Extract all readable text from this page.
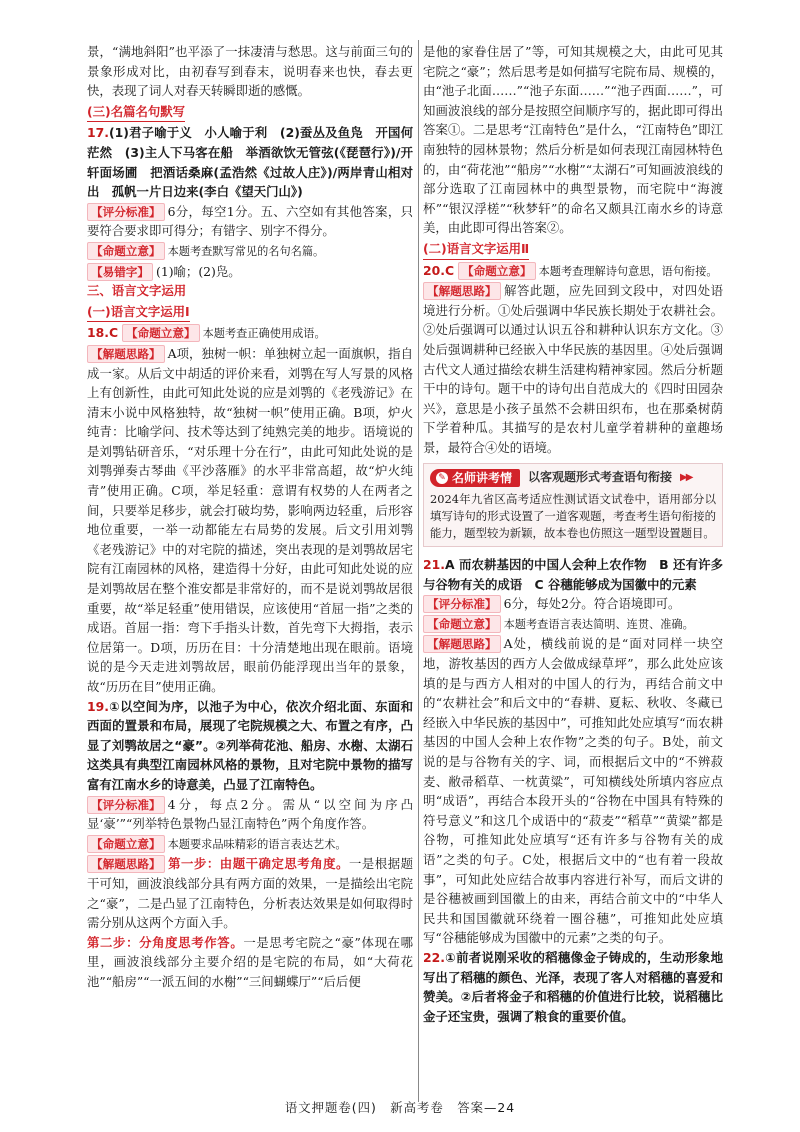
景，“满地斜阳”也平添了一抹凄清与愁思。这与前面三句的景象形成对比，由初春写到春末，说明春来也快，春去更快，表现了词人对春天转瞬即逝的感慨。

(三)名篇名句默写

17.(1)君子喻于义　小人喻于利　(2)蚕丛及鱼凫　开国何茫然　(3)主人下马客在船　举酒欲饮无管弦(《琵琶行》)/开轩面场圃　把酒话桑麻(孟浩然《过故人庄》)/两岸青山相对出　孤帆一片日边来(李白《望天门山》)

【评分标准】 6分，每空1分。五、六空如有其他答案，只要符合要求即可得分；有错字、别字不得分。

【命题立意】 本题考查默写常见的名句名篇。

【易错字】 (1)喻；(2)凫。

三、语言文字运用
(一)语言文字运用Ⅰ

18.C 【命题立意】 本题考查正确使用成语。

【解题思路】 A项，独树一帜：单独树立起一面旗帜，指自成一家。从后文中胡适的评价来看，刘鹗在写人写景的风格上有创新性，由此可知此处说的应是刘鹗的《老残游记》在清末小说中风格独特，故“独树一帜”使用正确。B项，炉火纯青：比喻学问、技术等达到了纯熟完美的地步。语境说的是刘鹗钻研音乐，“对乐理十分在行”，由此可知此处说的是刘鹗弹奏古琴曲《平沙落雁》的水平非常高超，故“炉火纯青”使用正确。C项，举足轻重：意谓有权势的人在两者之间，只要举足移步，就会打破均势，影响两边轻重，后形容地位重要，一举一动都能左右局势的发展。后文引用刘鹗《老残游记》中的对宅院的描述，突出表现的是刘鹗故居宅院有江南园林的风格，建造得十分好，由此可知此处说的应是刘鹗故居在整个淮安都是非常好的，而不是说刘鹗故居很重要，故“举足轻重”使用错误，应该使用“首屈一指”之类的成语。首屈一指：弯下手指头计数，首先弯下大拇指，表示位居第一。D项，历历在目：十分清楚地出现在眼前。语境说的是今天走进刘鹗故居，眼前仍能浮现出当年的景象，故“历历在目”使用正确。

19.①以空间为序，以池子为中心，依次介绍北面、东面和西面的置景和布局，展现了宅院规模之大、布置之有序，凸显了刘鹗故居之“豪”。②列举荷花池、船房、水榭、太湖石这类具有典型江南园林风格的景物，且对宅院中景物的描写富有江南水乡的诗意美，凸显了江南特色。

【评分标准】 4分，每点2分。需从“以空间为序凸显‘豪’”“列举特色景物凸显江南特色”两个角度作答。

【命题立意】 本题要求品味精彩的语言表达艺术。

【解题思路】 第一步：由题干确定思考角度。一是根据题干可知，画波浪线部分具有两方面的效果，一是描绘出宅院之“豪”，二是凸显了江南特色，分析表达效果是如何取得时需分别从这两个方面入手。

第二步：分角度思考作答。一是思考宅院之“豪”体现在哪里，画波浪线部分主要介绍的是宅院的布局，如“大荷花池”“船房”“一派五间的水榭”“三间蝴蝶厅”“后后便

是他的家眷住居了”等，可知其规模之大，由此可见其宅院之“豪”；然后思考是如何描写宅院布局、规模的，由“池子北面……”“池子东面……”“池子西面……”，可知画波浪线的部分是按照空间顺序写的，据此即可得出答案①。二是思考“江南特色”是什么，“江南特色”即江南独特的园林景物；然后分析是如何表现江南园林特色的，由“荷花池”“船房”“水榭”“太湖石”可知画波浪线的部分选取了江南园林中的典型景物，而宅院中“海渡杯”“银汉浮槎”“秋梦轩”的命名又颇具江南水乡的诗意美，由此即可得出答案②。

(二)语言文字运用Ⅱ

20.C 【命题立意】 本题考查理解诗句意思，语句衔接。

【解题思路】 解答此题，应先回到文段中，对四处语境进行分析。①处后强调中华民族长期处于农耕社会。②处后强调可以通过认识五谷和耕种认识东方文化。③处后强调耕种已经嵌入中华民族的基因里。④处后强调古代文人通过描绘农耕生活建构精神家园。然后分析题干中的诗句。题干中的诗句出自范成大的《四时田园杂兴》，意思是小孩子虽然不会耕田织布，也在那桑树荫下学着种瓜。其描写的是农村儿童学着耕种的童趣场景，最符合④处的语境。

✎ 名师讲考情 以客观题形式考查语句衔接 ▶▶
2024年九省区高考适应性测试语文试卷中，语用部分以填写诗句的形式设置了一道客观题，考查考生语句衔接的能力，题型较为新颖，故本卷也仿照这一题型设置题目。

21.A 而农耕基因的中国人会种上农作物　B 还有许多与谷物有关的成语　C 谷穗能够成为国徽中的元素

【评分标准】 6分，每处2分。符合语境即可。

【命题立意】 本题考查语言表达简明、连贯、准确。

【解题思路】 A处，横线前说的是“面对同样一块空地，游牧基因的西方人会做成绿草坪”，那么此处应该填的是与西方人相对的中国人的行为，再结合前文中的“农耕社会”和后文中的“春耕、夏耘、秋收、冬藏已经嵌入中华民族的基因中”，可推知此处应填写“而农耕基因的中国人会种上农作物”之类的句子。B处，前文说的是与谷物有关的字、词，而根据后文中的“不辨菽麦、敝帚稻草、一枕黄粱”，可知横线处所填内容应点明“成语”，再结合本段开头的“谷物在中国具有特殊的符号意义”和这几个成语中的“菽麦”“稻草”“黄粱”都是谷物，可推知此处应填写“还有许多与谷物有关的成语”之类的句子。C处，根据后文中的“也有着一段故事”，可知此处应结合故事内容进行补写，而后文讲的是谷穗被画到国徽上的由来，再结合前文中的“中华人民共和国国徽就环绕着一圈谷穗”，可推知此处应填写“谷穗能够成为国徽中的元素”之类的句子。

22.①前者说刚采收的稻穗像金子铸成的，生动形象地写出了稻穗的颜色、光泽，表现了客人对稻穗的喜爱和赞美。②后者将金子和稻穗的价值进行比较，说稻穗比金子还宝贵，强调了粮食的重要价值。

语文押题卷(四)　新高考卷　答案—24
